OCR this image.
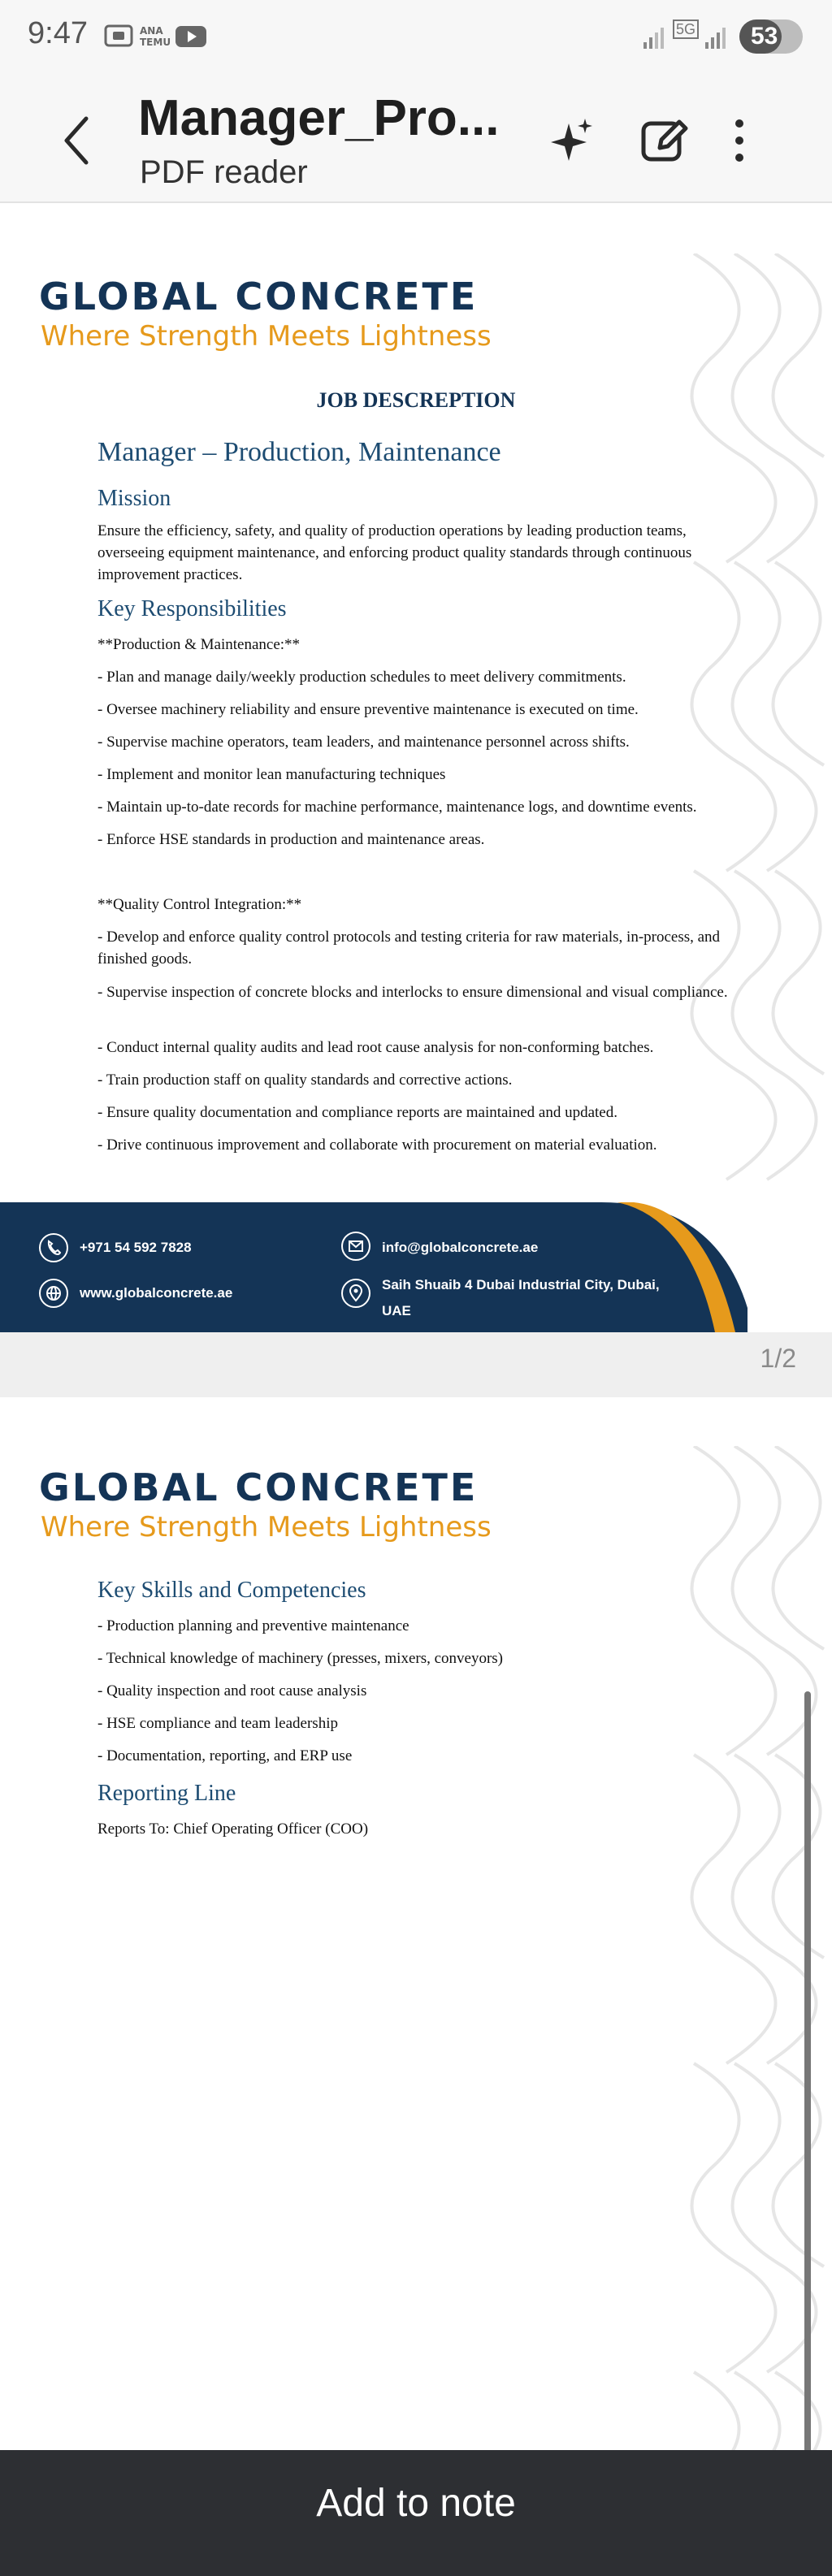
9:47	ΑΝΑ
TEMU
5G 53
Manager_Pro...
PDF reader
GLOBAL CONCRETE
Where Strength Meets Lightness
JOB DESCREPTION
Manager – Production, Maintenance
Mission
Ensure the efficiency, safety, and quality of production operations by leading production teams, overseeing equipment maintenance, and enforcing product quality standards through continuous improvement practices.
Key Responsibilities
**Production & Maintenance:**
- Plan and manage daily/weekly production schedules to meet delivery commitments.
- Oversee machinery reliability and ensure preventive maintenance is executed on time.
- Supervise machine operators, team leaders, and maintenance personnel across shifts.
- Implement and monitor lean manufacturing techniques
- Maintain up-to-date records for machine performance, maintenance logs, and downtime events.
- Enforce HSE standards in production and maintenance areas.
**Quality Control Integration:**
- Develop and enforce quality control protocols and testing criteria for raw materials, in-process, and finished goods.
- Supervise inspection of concrete blocks and interlocks to ensure dimensional and visual compliance.
- Conduct internal quality audits and lead root cause analysis for non-conforming batches.
- Train production staff on quality standards and corrective actions.
- Ensure quality documentation and compliance reports are maintained and updated.
- Drive continuous improvement and collaborate with procurement on material evaluation.
+971 54 592 7828
www.globalconcrete.ae
info@globalconcrete.ae
Saih Shuaib 4 Dubai Industrial City, Dubai,
UAE
1/2
GLOBAL CONCRETE
Where Strength Meets Lightness
Key Skills and Competencies
- Production planning and preventive maintenance
- Technical knowledge of machinery (presses, mixers, conveyors)
- Quality inspection and root cause analysis
- HSE compliance and team leadership
- Documentation, reporting, and ERP use
Reporting Line
Reports To: Chief Operating Officer (COO)
Add to note
